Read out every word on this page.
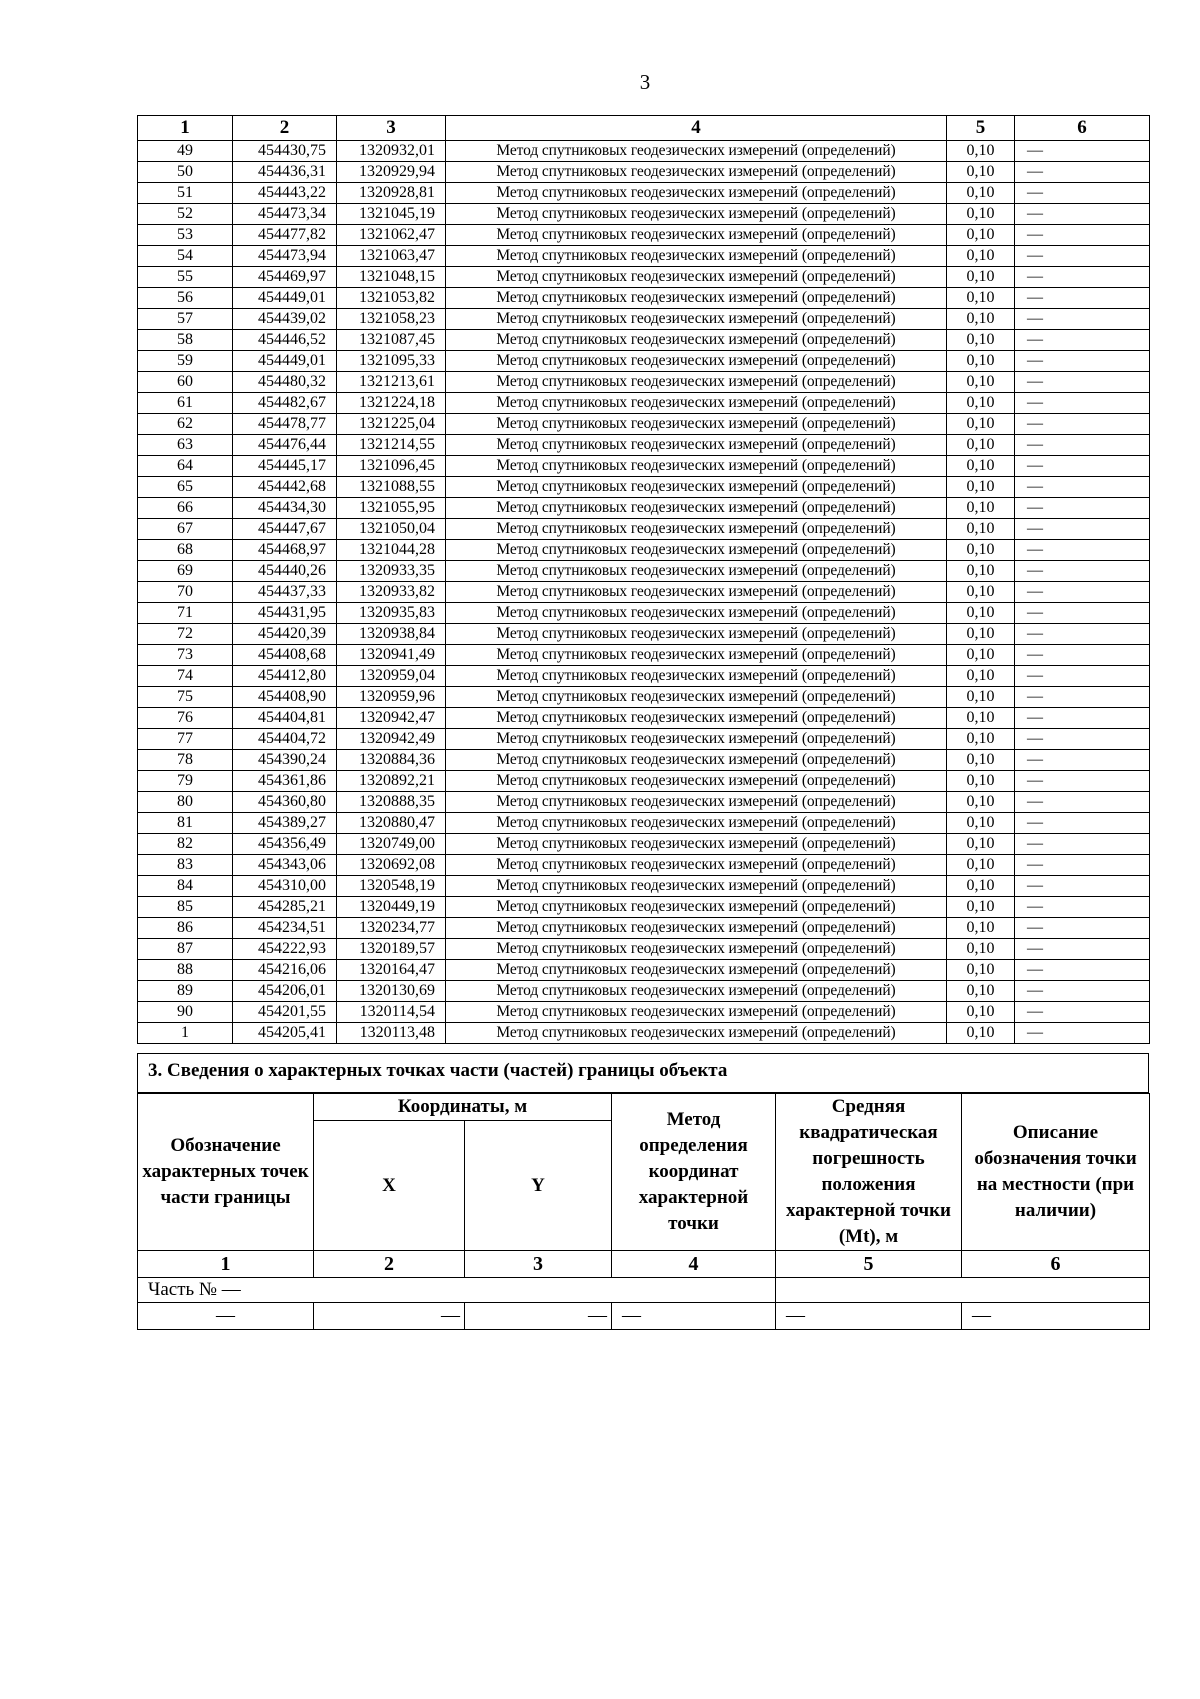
3
1	2	3	4	5	6
49	454430,75	1320932,01	Метод спутниковых геодезических измерений (определений)	0,10	—
50	454436,31	1320929,94	Метод спутниковых геодезических измерений (определений)	0,10	—
51	454443,22	1320928,81	Метод спутниковых геодезических измерений (определений)	0,10	—
52	454473,34	1321045,19	Метод спутниковых геодезических измерений (определений)	0,10	—
53	454477,82	1321062,47	Метод спутниковых геодезических измерений (определений)	0,10	—
54	454473,94	1321063,47	Метод спутниковых геодезических измерений (определений)	0,10	—
55	454469,97	1321048,15	Метод спутниковых геодезических измерений (определений)	0,10	—
56	454449,01	1321053,82	Метод спутниковых геодезических измерений (определений)	0,10	—
57	454439,02	1321058,23	Метод спутниковых геодезических измерений (определений)	0,10	—
58	454446,52	1321087,45	Метод спутниковых геодезических измерений (определений)	0,10	—
59	454449,01	1321095,33	Метод спутниковых геодезических измерений (определений)	0,10	—
60	454480,32	1321213,61	Метод спутниковых геодезических измерений (определений)	0,10	—
61	454482,67	1321224,18	Метод спутниковых геодезических измерений (определений)	0,10	—
62	454478,77	1321225,04	Метод спутниковых геодезических измерений (определений)	0,10	—
63	454476,44	1321214,55	Метод спутниковых геодезических измерений (определений)	0,10	—
64	454445,17	1321096,45	Метод спутниковых геодезических измерений (определений)	0,10	—
65	454442,68	1321088,55	Метод спутниковых геодезических измерений (определений)	0,10	—
66	454434,30	1321055,95	Метод спутниковых геодезических измерений (определений)	0,10	—
67	454447,67	1321050,04	Метод спутниковых геодезических измерений (определений)	0,10	—
68	454468,97	1321044,28	Метод спутниковых геодезических измерений (определений)	0,10	—
69	454440,26	1320933,35	Метод спутниковых геодезических измерений (определений)	0,10	—
70	454437,33	1320933,82	Метод спутниковых геодезических измерений (определений)	0,10	—
71	454431,95	1320935,83	Метод спутниковых геодезических измерений (определений)	0,10	—
72	454420,39	1320938,84	Метод спутниковых геодезических измерений (определений)	0,10	—
73	454408,68	1320941,49	Метод спутниковых геодезических измерений (определений)	0,10	—
74	454412,80	1320959,04	Метод спутниковых геодезических измерений (определений)	0,10	—
75	454408,90	1320959,96	Метод спутниковых геодезических измерений (определений)	0,10	—
76	454404,81	1320942,47	Метод спутниковых геодезических измерений (определений)	0,10	—
77	454404,72	1320942,49	Метод спутниковых геодезических измерений (определений)	0,10	—
78	454390,24	1320884,36	Метод спутниковых геодезических измерений (определений)	0,10	—
79	454361,86	1320892,21	Метод спутниковых геодезических измерений (определений)	0,10	—
80	454360,80	1320888,35	Метод спутниковых геодезических измерений (определений)	0,10	—
81	454389,27	1320880,47	Метод спутниковых геодезических измерений (определений)	0,10	—
82	454356,49	1320749,00	Метод спутниковых геодезических измерений (определений)	0,10	—
83	454343,06	1320692,08	Метод спутниковых геодезических измерений (определений)	0,10	—
84	454310,00	1320548,19	Метод спутниковых геодезических измерений (определений)	0,10	—
85	454285,21	1320449,19	Метод спутниковых геодезических измерений (определений)	0,10	—
86	454234,51	1320234,77	Метод спутниковых геодезических измерений (определений)	0,10	—
87	454222,93	1320189,57	Метод спутниковых геодезических измерений (определений)	0,10	—
88	454216,06	1320164,47	Метод спутниковых геодезических измерений (определений)	0,10	—
89	454206,01	1320130,69	Метод спутниковых геодезических измерений (определений)	0,10	—
90	454201,55	1320114,54	Метод спутниковых геодезических измерений (определений)	0,10	—
1	454205,41	1320113,48	Метод спутниковых геодезических измерений (определений)	0,10	—
3. Сведения о характерных точках части (частей) границы объекта
Обозначение характерных точек части границы	Координаты, м		Метод определения координат характерной точки	Средняя квадратическая погрешность положения характерной точки (Mt), м	Описание обозначения точки на местности (при наличии)
	X	Y			
1	2	3	4	5	6
Часть № —					
—	—	—	—	—	—
